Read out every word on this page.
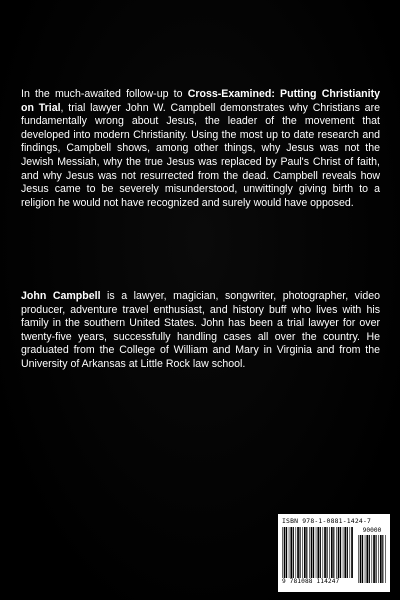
In the much-awaited follow-up to Cross-Examined: Putting Christianity on Trial, trial lawyer John W. Campbell demonstrates why Christians are fundamentally wrong about Jesus, the leader of the movement that developed into modern Christianity. Using the most up to date research and findings, Campbell shows, among other things, why Jesus was not the Jewish Messiah, why the true Jesus was replaced by Paul's Christ of faith, and why Jesus was not resurrected from the dead. Campbell reveals how Jesus came to be severely misunderstood, unwittingly giving birth to a religion he would not have recognized and surely would have opposed.

John Campbell is a lawyer, magician, songwriter, photographer, video producer, adventure travel enthusiast, and history buff who lives with his family in the southern United States. John has been a trial lawyer for over twenty-five years, successfully handling cases all over the country. He graduated from the College of William and Mary in Virginia and from the University of Arkansas at Little Rock law school.

ISBN 978-1-0881-1424-7
90000
9 781088 114247
